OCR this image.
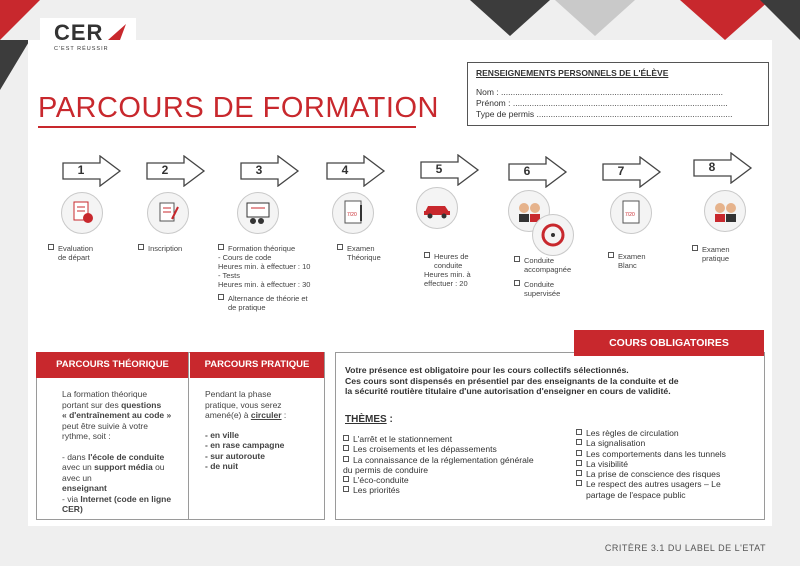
CER
C'EST RÉUSSIR
PARCOURS DE FORMATION
RENSEIGNEMENTS PERSONNELS DE L'ÉLÈVE
Nom : ..............................................................................................
Prénom : ...........................................................................................
Type de permis ...................................................................................
1	2	3	4	5	6	7	8
7/20	7/20
Evaluation
de départ
Inscription	Formation théorique
- Cours de code
Heures min. à effectuer : 10
- Tests
Heures min. à effectuer : 30
Alternance de théorie et
de pratique
Examen
Théorique	Heures de
conduite
Heures min. à
effectuer : 20
Conduite
accompagnée
Conduite
supervisée
Examen
Blanc
Examen
pratique
PARCOURS THÉORIQUE
La formation théorique
portant sur des questions
« d'entraînement au code »
peut être suivie à votre
rythme, soit :
- dans l'école de conduite
avec un support média ou
avec un
enseignant
- via Internet (code en ligne
CER)
PARCOURS PRATIQUE
Pendant la phase
pratique, vous serez
amené(e) à circuler :
- en ville
- en rase campagne
- sur autoroute
- de nuit
COURS OBLIGATOIRES
Votre présence est obligatoire pour les cours collectifs sélectionnés.
Ces cours sont dispensés en présentiel par des enseignants de la conduite et de
la sécurité routière titulaire d'une autorisation d'enseigner en cours de validité.
THÈMES :
L'arrêt et le stationnement
Les croisements et les dépassements
La connaissance de la réglementation générale
du permis de conduire
L'éco-conduite
Les priorités
Les règles de circulation
La signalisation
Les comportements dans les tunnels
La visibilité
La prise de conscience des risques
Le respect des autres usagers – Le
partage de l'espace public
CRITÈRE 3.1 DU LABEL DE L'ETAT
